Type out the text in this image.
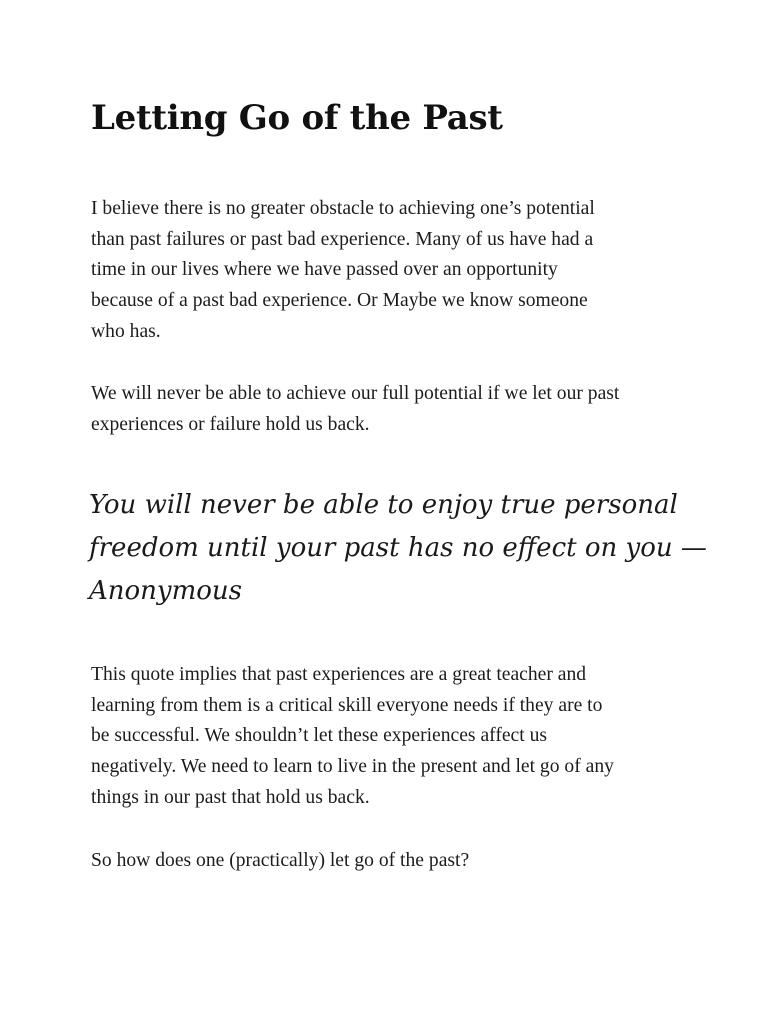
Letting Go of the Past

I believe there is no greater obstacle to achieving one’s potential
than past failures or past bad experience. Many of us have had a
time in our lives where we have passed over an opportunity
because of a past bad experience. Or Maybe we know someone
who has.

We will never be able to achieve our full potential if we let our past
experiences or failure hold us back.

You will never be able to enjoy true personal
freedom until your past has no effect on you —
Anonymous

This quote implies that past experiences are a great teacher and
learning from them is a critical skill everyone needs if they are to
be successful. We shouldn’t let these experiences affect us
negatively. We need to learn to live in the present and let go of any
things in our past that hold us back.

So how does one (practically) let go of the past?
